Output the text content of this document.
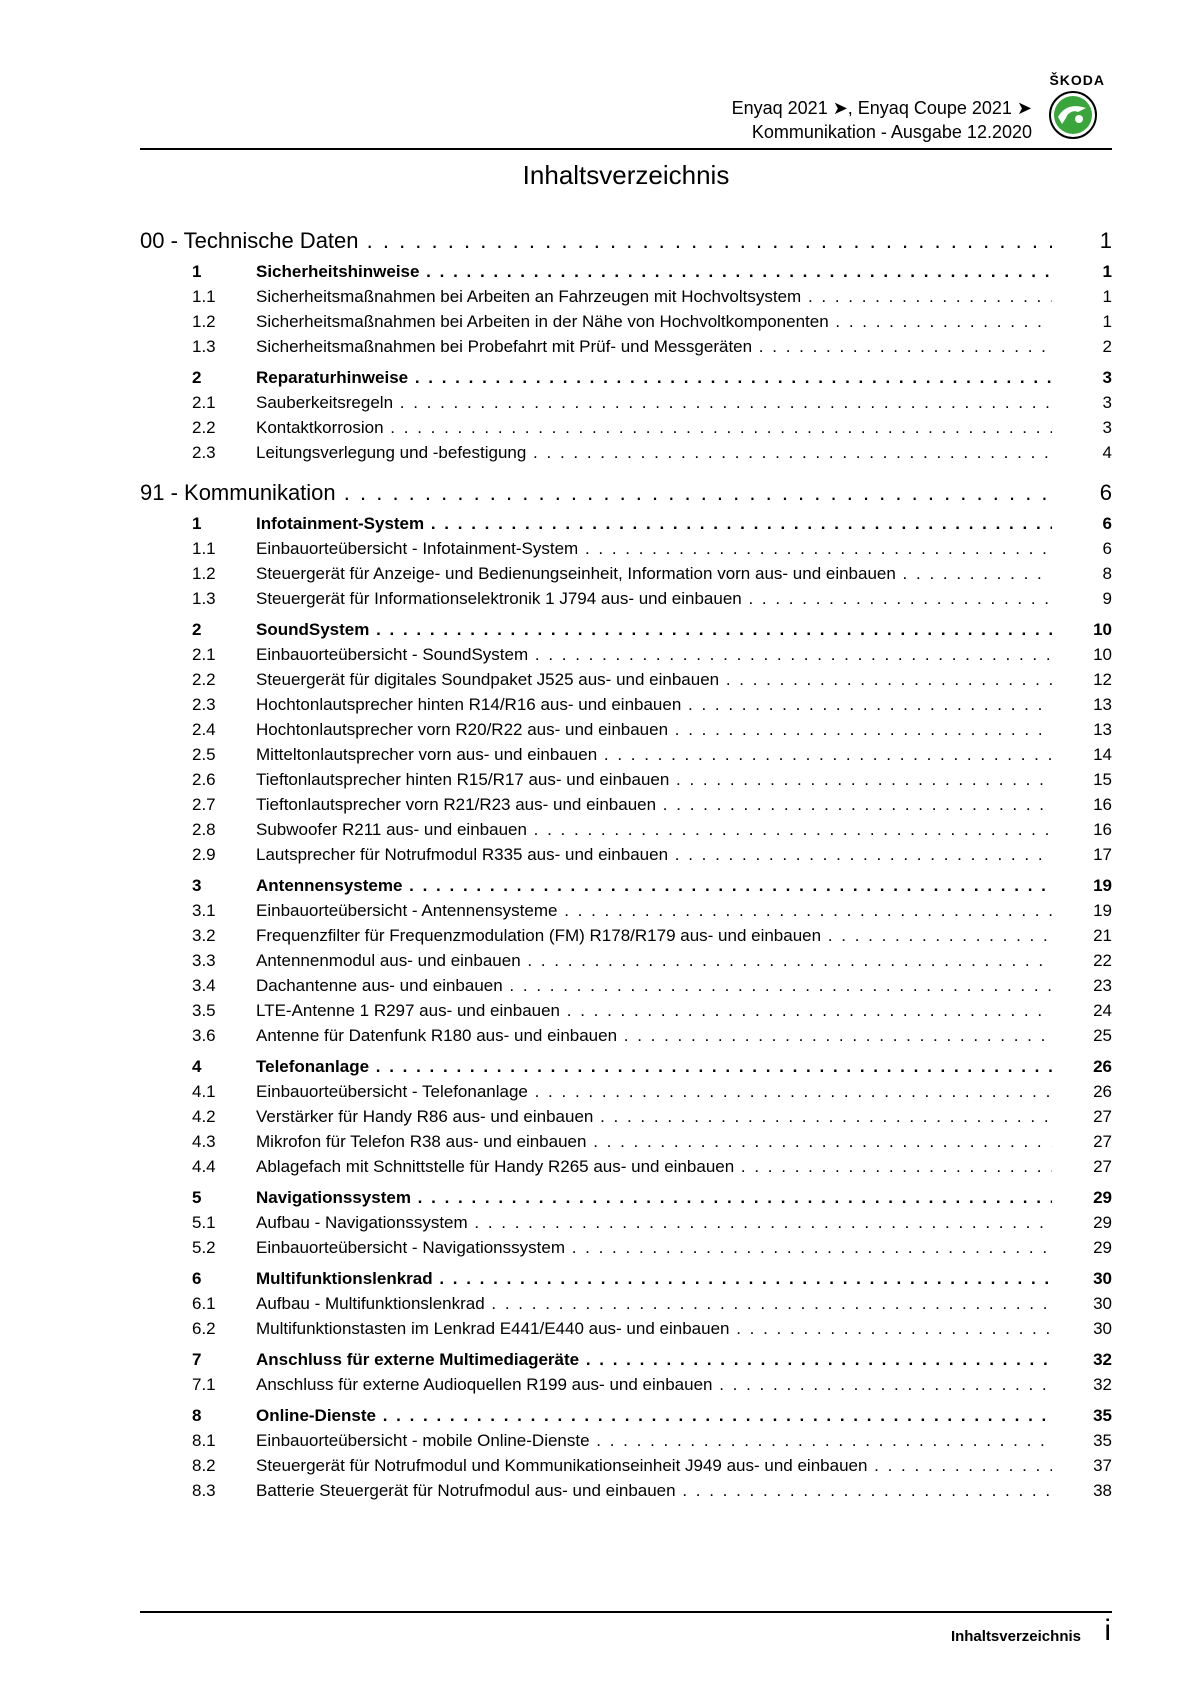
ŠKODA
Enyaq 2021 ➤, Enyaq Coupe 2021 ➤
Kommunikation - Ausgabe 12.2020
Inhaltsverzeichnis
00 - Technische Daten . . .	1
1	Sicherheitshinweise . . .	1
1.1 Sicherheitsmaßnahmen bei Arbeiten an Fahrzeugen mit Hochvoltsystem . . .	1
1.2 Sicherheitsmaßnahmen bei Arbeiten in der Nähe von Hochvoltkomponenten . . .	1
1.3 Sicherheitsmaßnahmen bei Probefahrt mit Prüf- und Messgeräten . . .	2
2	Reparaturhinweise . . .	3
2.1 Sauberkeitsregeln . . .	3
2.2 Kontaktkorrosion . . .	3
2.3 Leitungsverlegung und -befestigung . . .	4
91 - Kommunikation . . .	6
1	Infotainment-System . . .	6
1.1 Einbauorteübersicht - Infotainment-System . . .	6
1.2 Steuergerät für Anzeige- und Bedienungseinheit, Information vorn aus- und einbauen . . .	8
1.3 Steuergerät für Informationselektronik 1 J794 aus- und einbauen . . .	9
2	SoundSystem . . .	10
2.1 Einbauorteübersicht - SoundSystem . . .	10
2.2 Steuergerät für digitales Soundpaket J525 aus- und einbauen . . .	12
2.3 Hochtonlautsprecher hinten R14/R16 aus- und einbauen . . .	13
2.4 Hochtonlautsprecher vorn R20/R22 aus- und einbauen . . .	13
2.5 Mitteltonlautsprecher vorn aus- und einbauen . . .	14
2.6 Tieftonlautsprecher hinten R15/R17 aus- und einbauen . . .	15
2.7 Tieftonlautsprecher vorn R21/R23 aus- und einbauen . . .	16
2.8 Subwoofer R211 aus- und einbauen . . .	16
2.9 Lautsprecher für Notrufmodul R335 aus- und einbauen . . .	17
3	Antennensysteme . . .	19
3.1 Einbauorteübersicht - Antennensysteme . . .	19
3.2 Frequenzfilter für Frequenzmodulation (FM) R178/R179 aus- und einbauen . . .	21
3.3 Antennenmodul aus- und einbauen . . .	22
3.4 Dachantenne aus- und einbauen . . .	23
3.5 LTE-Antenne 1 R297 aus- und einbauen . . .	24
3.6 Antenne für Datenfunk R180 aus- und einbauen . . .	25
4	Telefonanlage . . .	26
4.1 Einbauorteübersicht - Telefonanlage . . .	26
4.2 Verstärker für Handy R86 aus- und einbauen . . .	27
4.3 Mikrofon für Telefon R38 aus- und einbauen . . .	27
4.4 Ablagefach mit Schnittstelle für Handy R265 aus- und einbauen . . .	27
5	Navigationssystem . . .	29
5.1 Aufbau - Navigationssystem . . .	29
5.2 Einbauorteübersicht - Navigationssystem . . .	29
6	Multifunktionslenkrad . . .	30
6.1 Aufbau - Multifunktionslenkrad . . .	30
6.2 Multifunktionstasten im Lenkrad E441/E440 aus- und einbauen . . .	30
7	Anschluss für externe Multimediageräte . . .	32
7.1 Anschluss für externe Audioquellen R199 aus- und einbauen . . .	32
8	Online-Dienste . . .	35
8.1 Einbauorteübersicht - mobile Online-Dienste . . .	35
8.2 Steuergerät für Notrufmodul und Kommunikationseinheit J949 aus- und einbauen . . .	37
8.3 Batterie Steuergerät für Notrufmodul aus- und einbauen . . .	38
Inhaltsverzeichnis i
